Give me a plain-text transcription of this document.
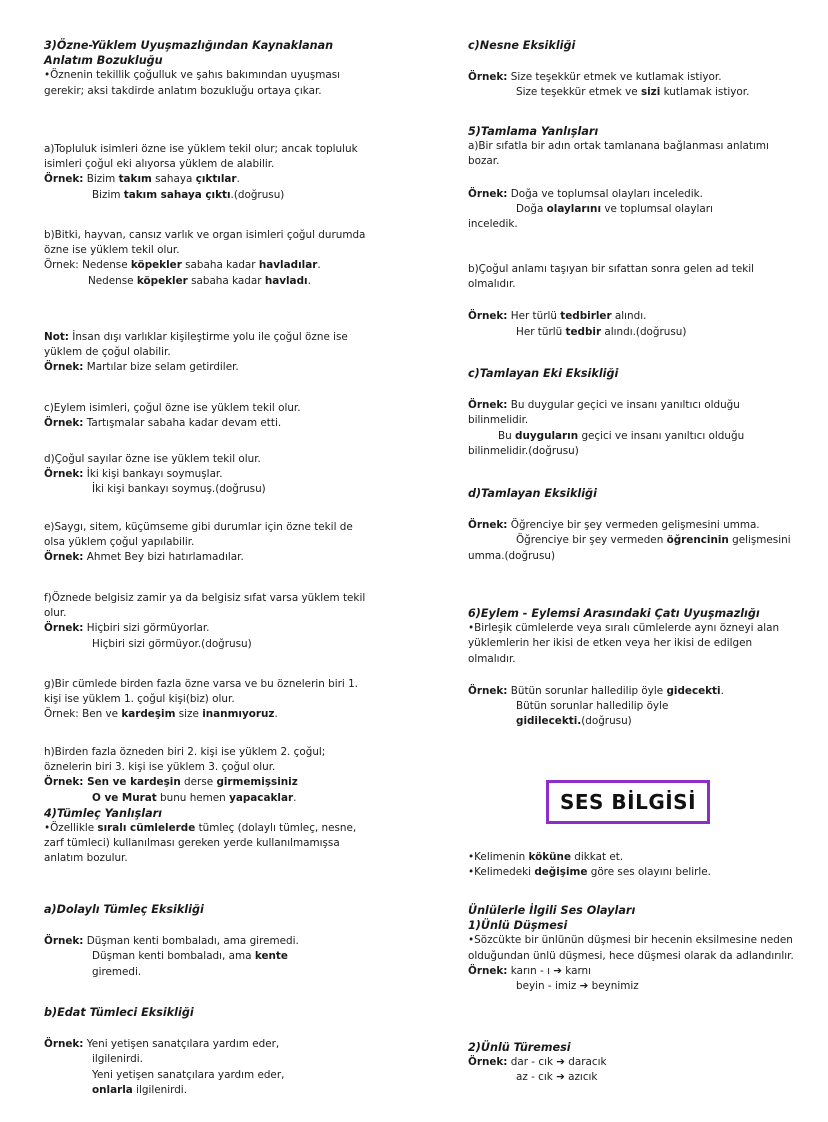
3)Özne-Yüklem Uyuşmazlığından Kaynaklanan Anlatım Bozukluğu

•Öznenin tekillik çoğulluk ve şahıs bakımından uyuşması gerekir; aksi takdirde anlatım bozukluğu ortaya çıkar.

a)Topluluk isimleri özne ise yüklem tekil olur; ancak topluluk isimleri çoğul eki alıyorsa yüklem de alabilir.

Örnek: Bizim takım sahaya çıktılar.

Bizim takım sahaya çıktı.(doğrusu)

b)Bitki, hayvan, cansız varlık ve organ isimleri çoğul durumda özne ise yüklem tekil olur.

Örnek: Nedense köpekler sabaha kadar havladılar.

Nedense köpekler sabaha kadar havladı.

Not: İnsan dışı varlıklar kişileştirme yolu ile çoğul özne ise yüklem de çoğul olabilir.

Örnek: Martılar bize selam getirdiler.

c)Eylem isimleri, çoğul özne ise yüklem tekil olur.

Örnek: Tartışmalar sabaha kadar devam etti.

d)Çoğul sayılar özne ise yüklem tekil olur.

Örnek: İki kişi bankayı soymuşlar.

İki kişi bankayı soymuş.(doğrusu)

e)Saygı, sitem, küçümseme gibi durumlar için özne tekil de olsa yüklem çoğul yapılabilir.

Örnek: Ahmet Bey bizi hatırlamadılar.

f)Öznede belgisiz zamir ya da belgisiz sıfat varsa yüklem tekil olur.

Örnek: Hiçbiri sizi görmüyorlar.

Hiçbiri sizi görmüyor.(doğrusu)

g)Bir cümlede birden fazla özne varsa ve bu öznelerin biri 1. kişi ise yüklem 1. çoğul kişi(biz) olur.

Örnek: Ben ve kardeşim size inanmıyoruz.

h)Birden fazla özneden biri 2. kişi ise yüklem 2. çoğul; öznelerin biri 3. kişi ise yüklem 3. çoğul olur.

Örnek: Sen ve kardeşin derse girmemişsiniz

O ve Murat bunu hemen yapacaklar.

4)Tümleç Yanlışları

•Özellikle sıralı cümlelerde tümleç (dolaylı tümleç, nesne, zarf tümleci) kullanılması gereken yerde kullanılmamışsa anlatım bozulur.

a)Dolaylı Tümleç Eksikliği

Örnek: Düşman kenti bombaladı, ama giremedi.

Düşman kenti bombaladı, ama kente

giremedi.

b)Edat Tümleci Eksikliği

Örnek: Yeni yetişen sanatçılara yardım eder,

ilgilenirdi.

Yeni yetişen sanatçılara yardım eder,

onlarla ilgilenirdi.

c)Nesne Eksikliği

Örnek: Size teşekkür etmek ve kutlamak istiyor.

Size teşekkür etmek ve sizi kutlamak istiyor.

5)Tamlama Yanlışları

a)Bir sıfatla bir adın ortak tamlanana bağlanması anlatımı bozar.

Örnek: Doğa ve toplumsal olayları inceledik.

Doğa olaylarını ve toplumsal olayları

inceledik.

b)Çoğul anlamı taşıyan bir sıfattan sonra gelen ad tekil olmalıdır.

Örnek: Her türlü tedbirler alındı.

Her türlü tedbir alındı.(doğrusu)

c)Tamlayan Eki Eksikliği

Örnek: Bu duygular geçici ve insanı yanıltıcı olduğu bilinmelidir.

Bu duyguların geçici ve insanı yanıltıcı olduğu bilinmelidir.(doğrusu)

d)Tamlayan Eksikliği

Örnek: Öğrenciye bir şey vermeden gelişmesini umma.

Öğrenciye bir şey vermeden öğrencinin gelişmesini umma.(doğrusu)

6)Eylem - Eylemsi Arasındaki Çatı Uyuşmazlığı

•Birleşik cümlelerde veya sıralı cümlelerde aynı özneyi alan yüklemlerin her ikisi de etken veya her ikisi de edilgen olmalıdır.

Örnek: Bütün sorunlar halledilip öyle gidecekti.

Bütün sorunlar halledilip öyle

gidilecekti.(doğrusu)

•Kelimenin köküne dikkat et.

•Kelimedeki değişime göre ses olayını belirle.

Ünlülerle İlgili Ses Olayları

1)Ünlü Düşmesi

•Sözcükte bir ünlünün düşmesi bir hecenin eksilmesine neden olduğundan ünlü düşmesi, hece düşmesi olarak da adlandırılır.

Örnek: karın - ı ➔ karnı

beyin - imiz ➔ beynimiz

2)Ünlü Türemesi

Örnek: dar - cık ➔ daracık

az - cık ➔ azıcık

SES BİLGİSİ
